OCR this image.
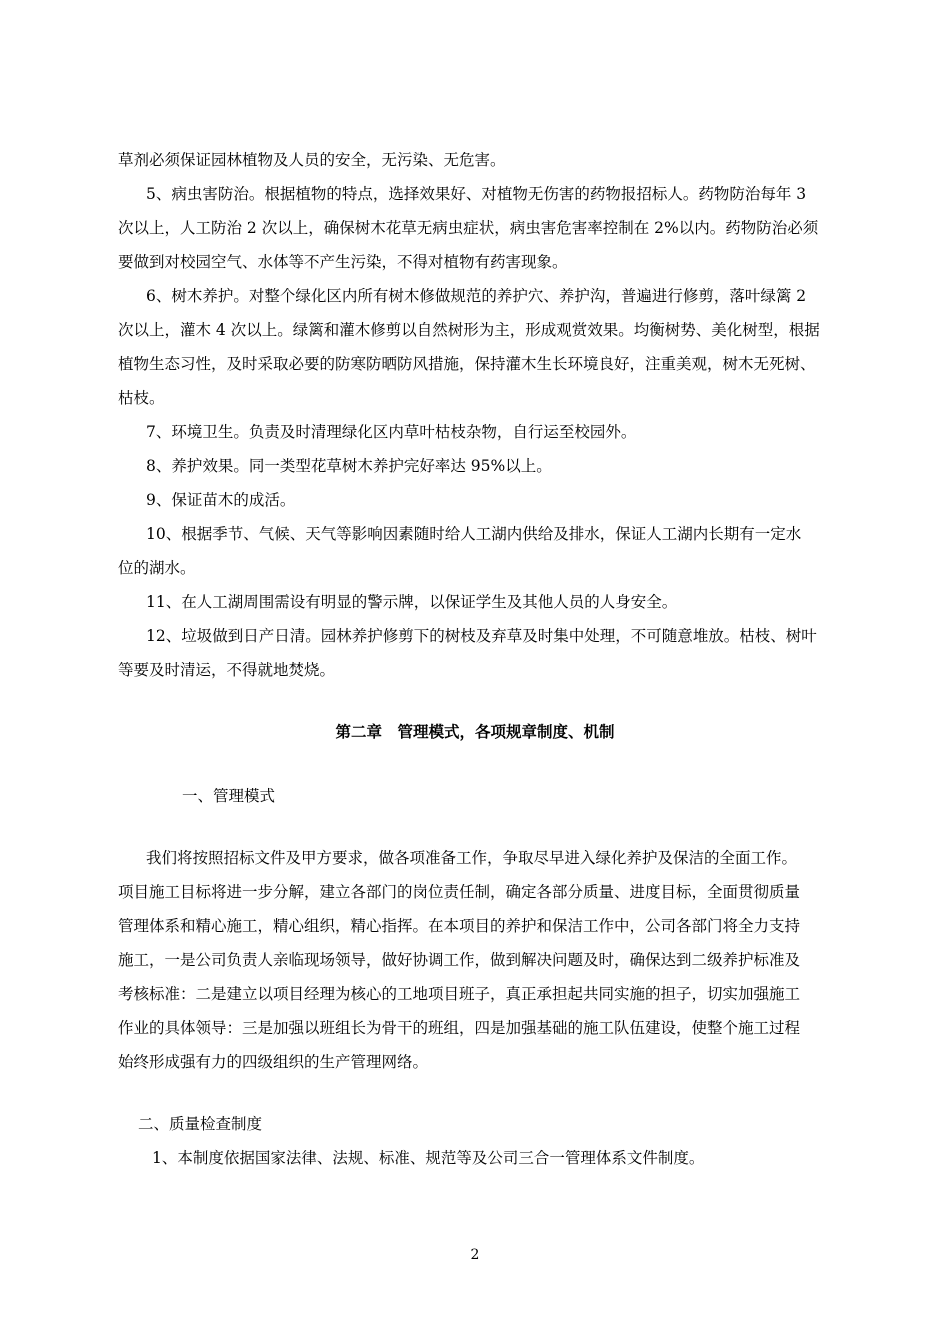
草剂必须保证园林植物及人员的安全，无污染、无危害。
5、病虫害防治。根据植物的特点，选择效果好、对植物无伤害的药物报招标人。药物防治每年 3
次以上，人工防治 2 次以上，确保树木花草无病虫症状，病虫害危害率控制在 2%以内。药物防治必须
要做到对校园空气、水体等不产生污染，不得对植物有药害现象。
6、树木养护。对整个绿化区内所有树木修做规范的养护穴、养护沟，普遍进行修剪，落叶绿篱 2
次以上，灌木 4 次以上。绿篱和灌木修剪以自然树形为主，形成观赏效果。均衡树势、美化树型，根据
植物生态习性，及时采取必要的防寒防晒防风措施，保持灌木生长环境良好，注重美观，树木无死树、
枯枝。
7、环境卫生。负责及时清理绿化区内草叶枯枝杂物，自行运至校园外。
8、养护效果。同一类型花草树木养护完好率达 95%以上。
9、保证苗木的成活。
10、根据季节、气候、天气等影响因素随时给人工湖内供给及排水，保证人工湖内长期有一定水
位的湖水。
11、在人工湖周围需设有明显的警示牌，以保证学生及其他人员的人身安全。
12、垃圾做到日产日清。园林养护修剪下的树枝及弃草及时集中处理，不可随意堆放。枯枝、树叶
等要及时清运，不得就地焚烧。
第二章　管理模式，各项规章制度、机制
一、管理模式
我们将按照招标文件及甲方要求，做各项准备工作，争取尽早进入绿化养护及保洁的全面工作。
项目施工目标将进一步分解，建立各部门的岗位责任制，确定各部分质量、进度目标，全面贯彻质量
管理体系和精心施工，精心组织，精心指挥。在本项目的养护和保洁工作中，公司各部门将全力支持
施工，一是公司负责人亲临现场领导，做好协调工作，做到解决问题及时，确保达到二级养护标准及
考核标准：二是建立以项目经理为核心的工地项目班子，真正承担起共同实施的担子，切实加强施工
作业的具体领导：三是加强以班组长为骨干的班组，四是加强基础的施工队伍建设，使整个施工过程
始终形成强有力的四级组织的生产管理网络。
二、质量检查制度
1、本制度依据国家法律、法规、标准、规范等及公司三合一管理体系文件制度。
2
